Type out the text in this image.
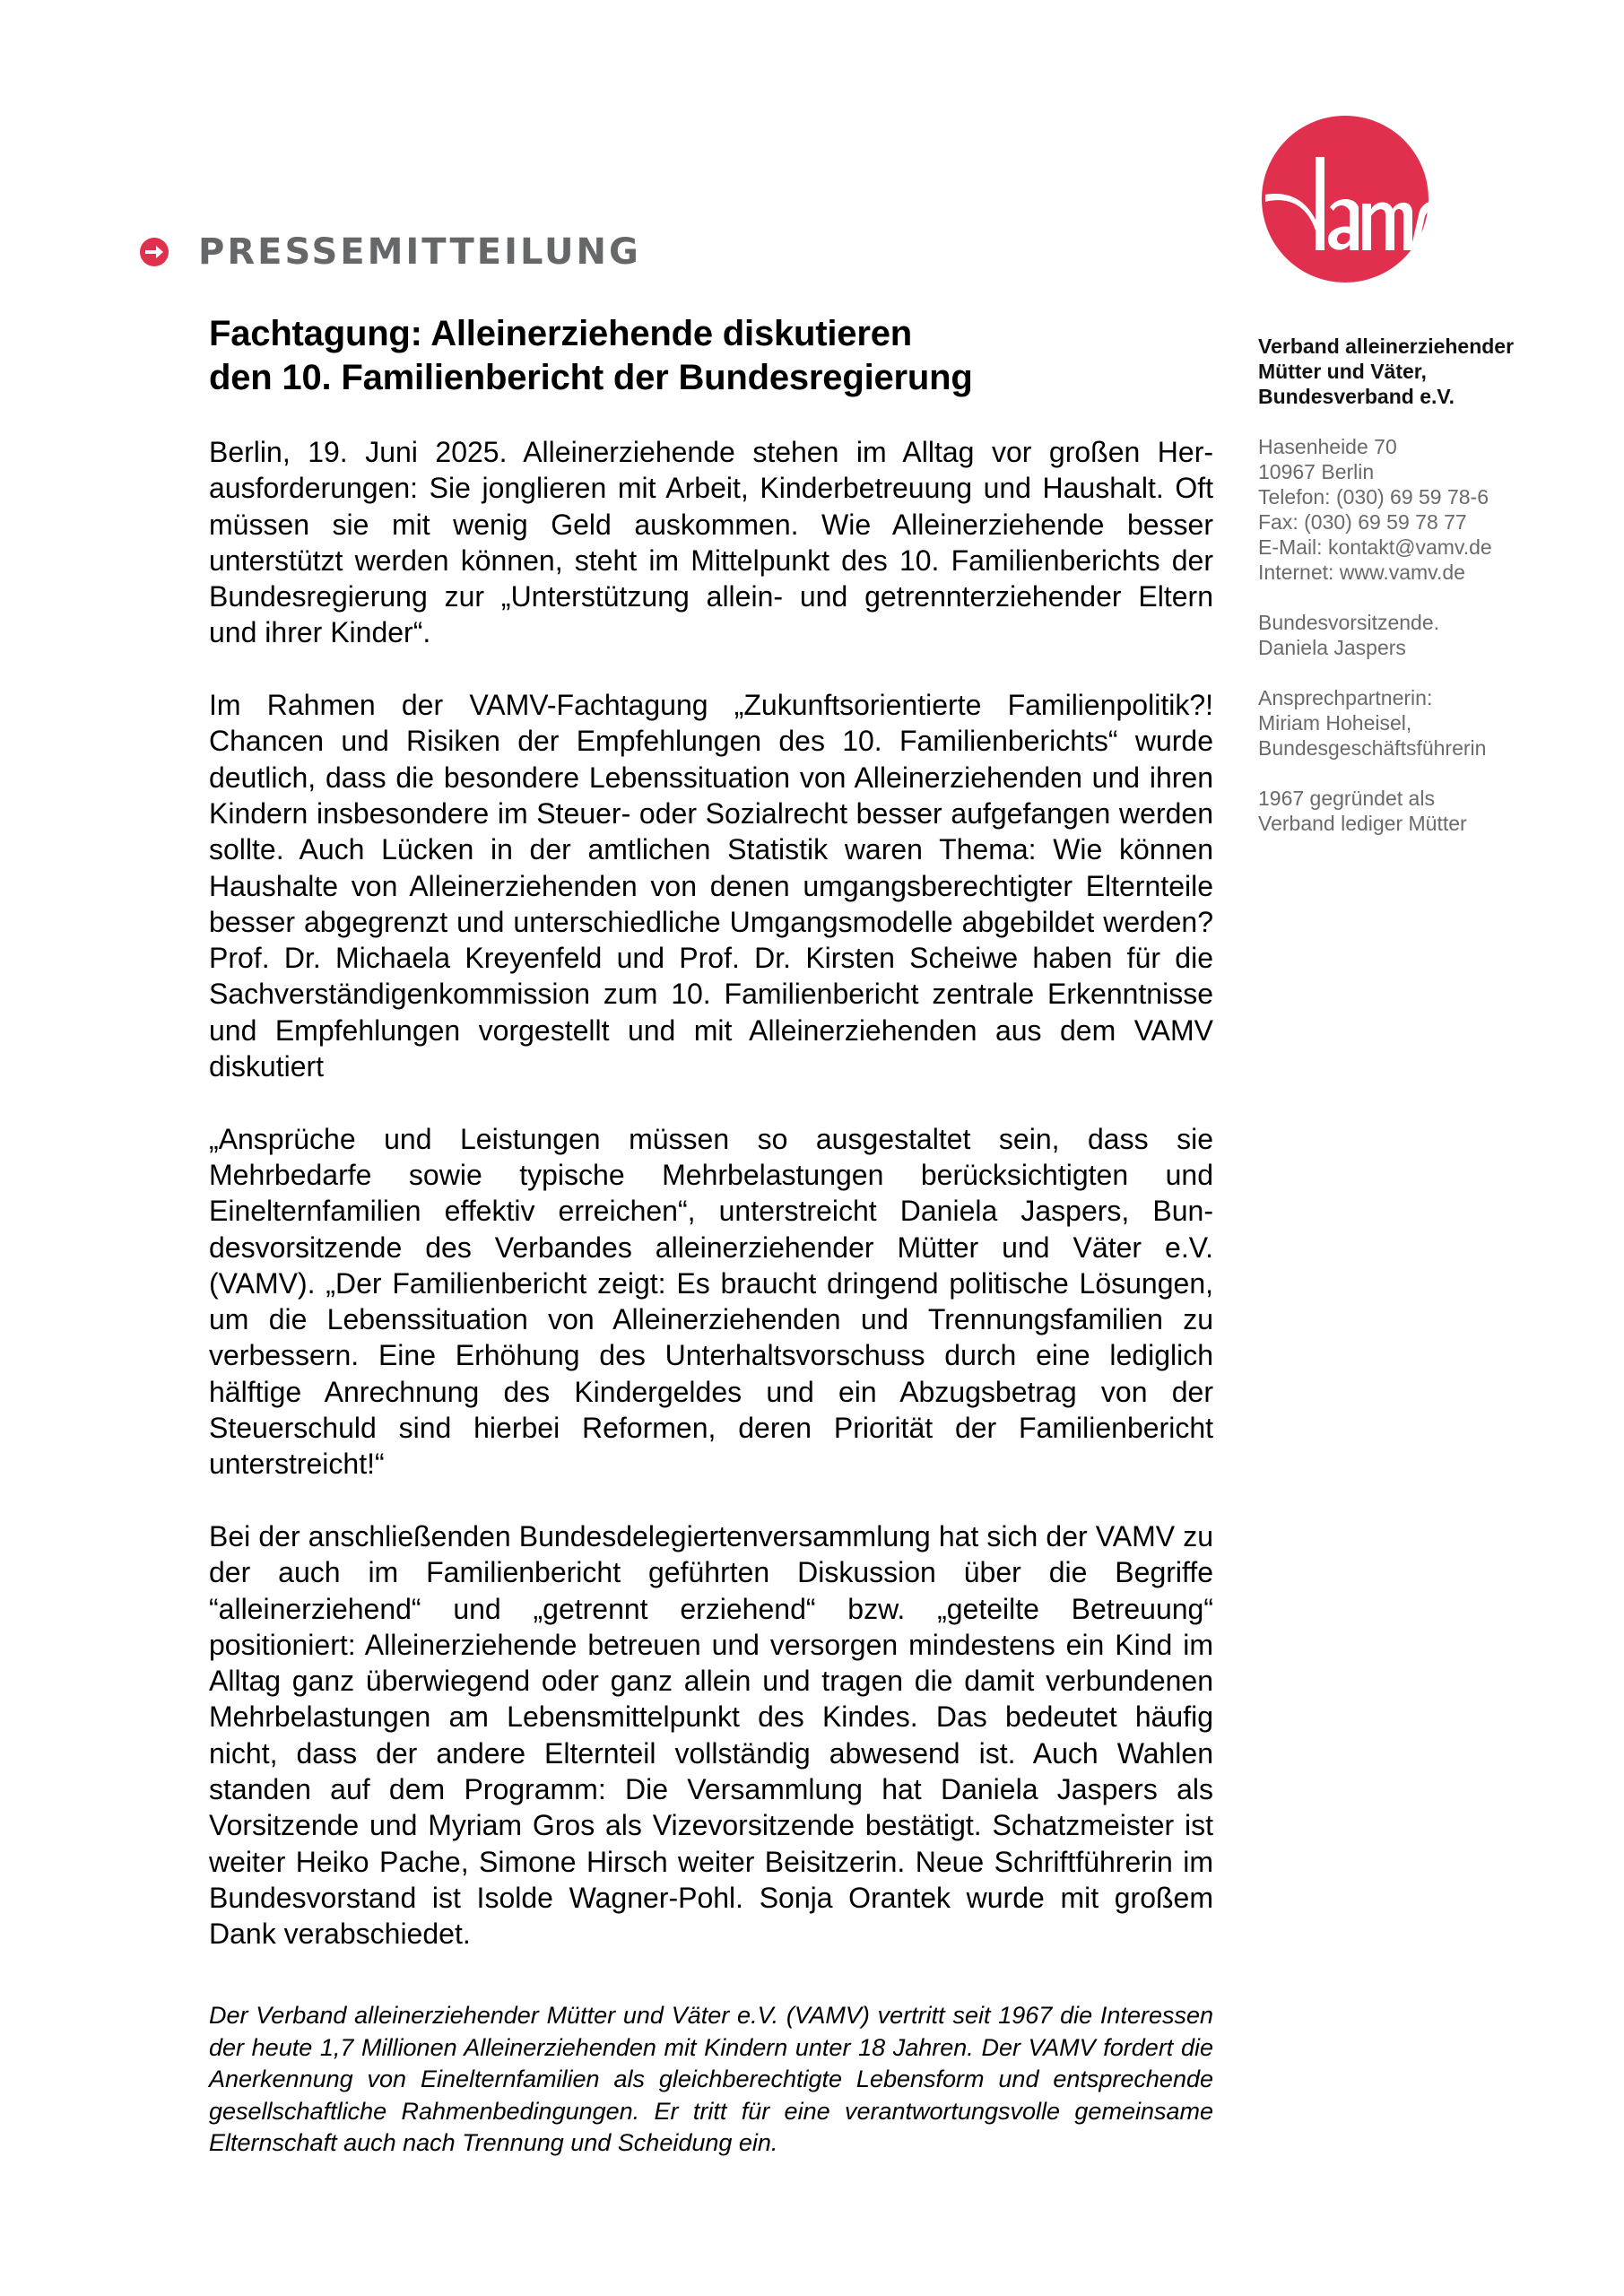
PRESSEMITTEILUNG
Fachtagung: Alleinerziehende diskutieren
den 10. Familienbericht der Bundesregierung
Verband alleinerziehender
Mütter und Väter,
Bundesverband e.V.
Hasenheide 70
10967 Berlin
Telefon: (030) 69 59 78-6
Fax: (030) 69 59 78 77
E-Mail: kontakt@vamv.de
Internet: www.vamv.de
Bundesvorsitzende.
Daniela Jaspers
Ansprechpartnerin:
Miriam Hoheisel,
Bundesgeschäftsführerin
1967 gegründet als
Verband lediger Mütter

Berlin, 19. Juni 2025. Alleinerziehende stehen im Alltag vor großen Herausforderungen: Sie jonglieren mit Arbeit, Kinderbetreuung und Haushalt. Oft müssen sie mit wenig Geld auskommen. Wie Alleinerziehende besser unterstützt werden können, steht im Mittelpunkt des 10. Familienberichts der Bundesregierung zur „Unterstützung allein- und getrennterziehender Eltern und ihrer Kinder“.

Im Rahmen der VAMV-Fachtagung „Zukunftsorientierte Familienpolitik?! Chancen und Risiken der Empfehlungen des 10. Familienberichts“ wurde deutlich, dass die besondere Lebenssituation von Alleinerziehenden und ihren Kindern insbesondere im Steuer- oder Sozialrecht besser aufgefangen werden sollte. Auch Lücken in der amtlichen Statistik waren Thema: Wie können Haushalte von Alleinerziehenden von denen umgangsberechtigter Elternteile besser abgegrenzt und unterschiedliche Umgangsmodelle abgebildet werden? Prof. Dr. Michaela Kreyenfeld und Prof. Dr. Kirsten Scheiwe haben für die Sachverständigenkommission zum 10. Familienbericht zentrale Erkenntnisse und Empfehlungen vorgestellt und mit Alleinerziehenden aus dem VAMV diskutiert

„Ansprüche und Leistungen müssen so ausgestaltet sein, dass sie Mehrbedarfe sowie typische Mehrbelastungen berücksichtigten und Einelternfamilien effektiv erreichen“, unterstreicht Daniela Jaspers, Bundesvorsitzende des Verbandes alleinerziehender Mütter und Väter e.V. (VAMV). „Der Familienbericht zeigt: Es braucht dringend politische Lösungen, um die Lebenssituation von Alleinerziehenden und Trennungsfamilien zu verbessern. Eine Erhöhung des Unterhaltsvorschuss durch eine lediglich hälftige Anrechnung des Kindergeldes und ein Abzugsbetrag von der Steuerschuld sind hierbei Reformen, deren Priorität der Familienbericht unterstreicht!“

Bei der anschließenden Bundesdelegiertenversammlung hat sich der VAMV zu der auch im Familienbericht geführten Diskussion über die Begriffe “alleinerziehend“ und „getrennt erziehend“ bzw. „geteilte Betreuung“ positioniert: Alleinerziehende betreuen und versorgen mindestens ein Kind im Alltag ganz überwiegend oder ganz allein und tragen die damit verbundenen Mehrbelastungen am Lebensmittelpunkt des Kindes. Das bedeutet häufig nicht, dass der andere Elternteil vollständig abwesend ist. Auch Wahlen standen auf dem Programm: Die Versammlung hat Daniela Jaspers als Vorsitzende und Myriam Gros als Vizevorsitzende bestätigt. Schatzmeister ist weiter Heiko Pache, Simone Hirsch weiter Beisitzerin. Neue Schriftführerin im Bundesvorstand ist Isolde Wagner-Pohl. Sonja Orantek wurde mit großem Dank verabschiedet.

Der Verband alleinerziehender Mütter und Väter e.V. (VAMV) vertritt seit 1967 die Interessen der heute 1,7 Millionen Alleinerziehenden mit Kindern unter 18 Jahren. Der VAMV fordert die Anerkennung von Einelternfamilien als gleichberechtigte Lebensform und entsprechende gesellschaftliche Rahmenbedingungen. Er tritt für eine verantwortungsvolle gemeinsame Elternschaft auch nach Trennung und Scheidung ein.
